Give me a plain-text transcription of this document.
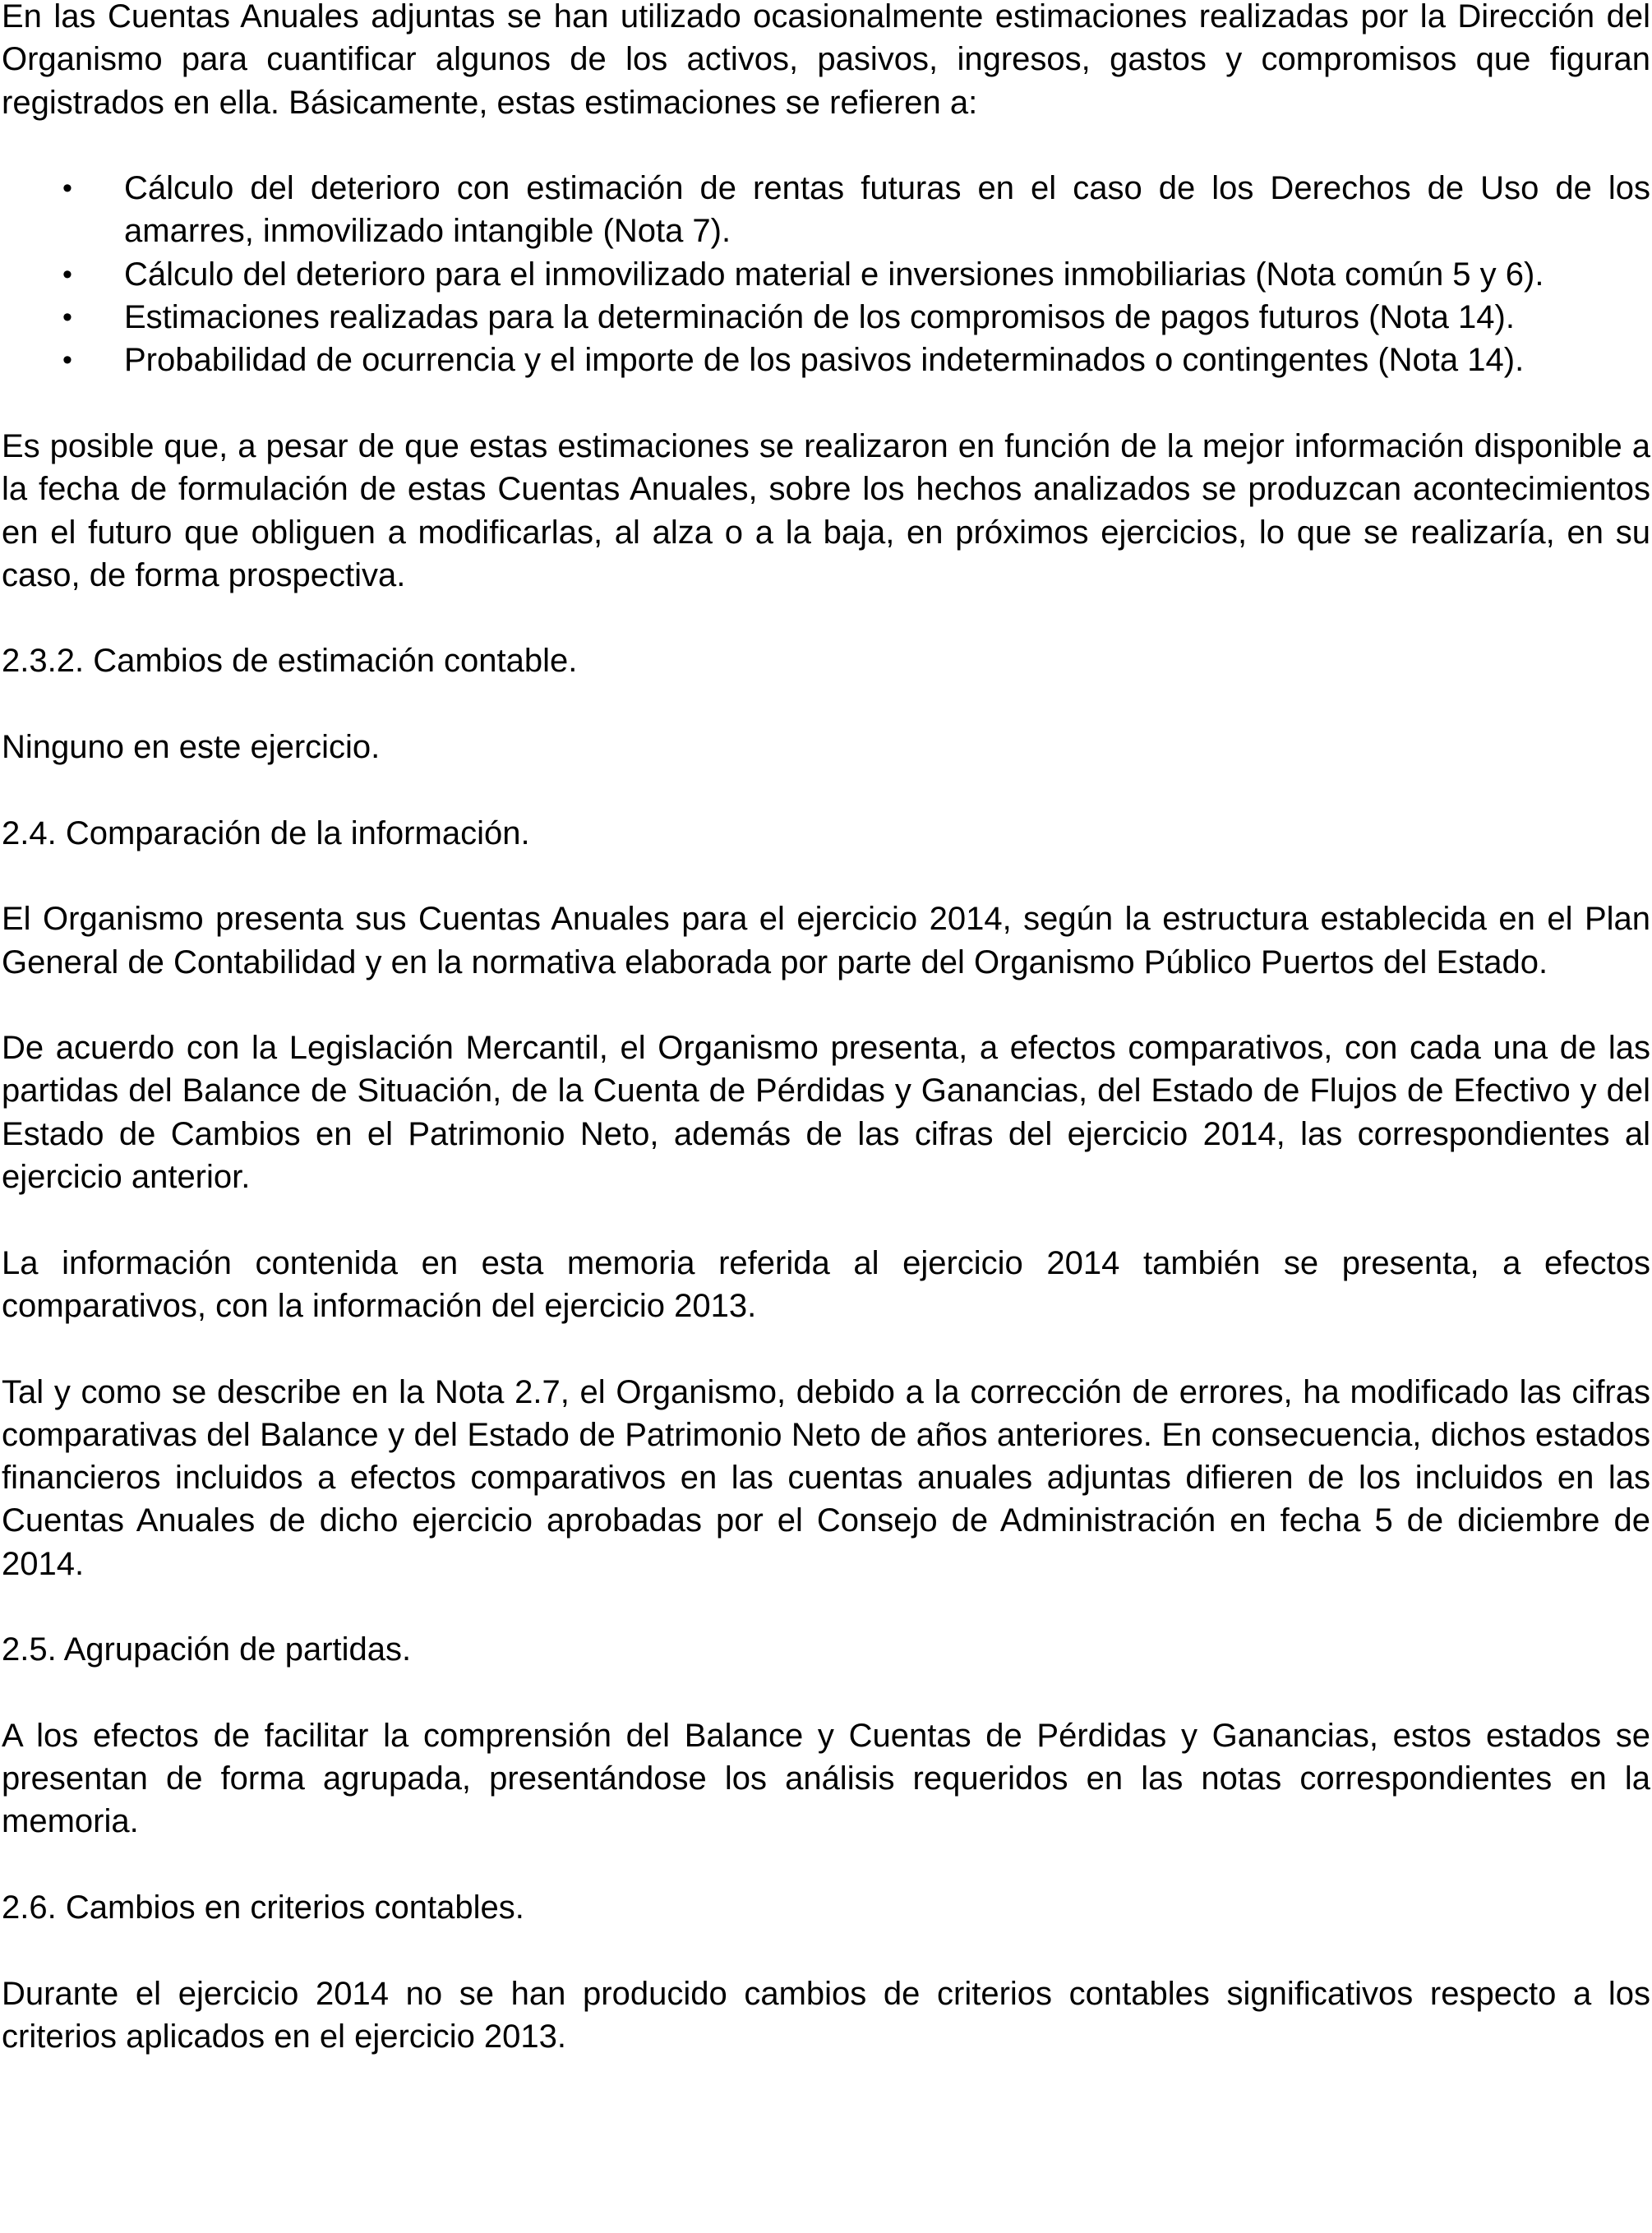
En las Cuentas Anuales adjuntas se han utilizado ocasionalmente estimaciones realizadas por la Dirección del Organismo para cuantificar algunos de los activos, pasivos, ingresos, gastos y compromisos que figuran registrados en ella. Básicamente, estas estimaciones se refieren a:

• Cálculo del deterioro con estimación de rentas futuras en el caso de los Derechos de Uso de los amarres, inmovilizado intangible (Nota 7).
• Cálculo del deterioro para el inmovilizado material e inversiones inmobiliarias (Nota común 5 y 6).
• Estimaciones realizadas para la determinación de los compromisos de pagos futuros (Nota 14).
• Probabilidad de ocurrencia y el importe de los pasivos indeterminados o contingentes (Nota 14).

Es posible que, a pesar de que estas estimaciones se realizaron en función de la mejor información disponible a la fecha de formulación de estas Cuentas Anuales, sobre los hechos analizados se produzcan acontecimientos en el futuro que obliguen a modificarlas, al alza o a la baja, en próximos ejercicios, lo que se realizaría, en su caso, de forma prospectiva.

2.3.2. Cambios de estimación contable.

Ninguno en este ejercicio.

2.4. Comparación de la información.

El Organismo presenta sus Cuentas Anuales para el ejercicio 2014, según la estructura establecida en el Plan General de Contabilidad y en la normativa elaborada por parte del Organismo Público Puertos del Estado.

De acuerdo con la Legislación Mercantil, el Organismo presenta, a efectos comparativos, con cada una de las partidas del Balance de Situación, de la Cuenta de Pérdidas y Ganancias, del Estado de Flujos de Efectivo y del Estado de Cambios en el Patrimonio Neto, además de las cifras del ejercicio 2014, las correspondientes al ejercicio anterior.

La información contenida en esta memoria referida al ejercicio 2014 también se presenta, a efectos comparativos, con la información del ejercicio 2013.

Tal y como se describe en la Nota 2.7, el Organismo, debido a la corrección de errores, ha modificado las cifras comparativas del Balance y del Estado de Patrimonio Neto de años anteriores. En consecuencia, dichos estados financieros incluidos a efectos comparativos en las cuentas anuales adjuntas difieren de los incluidos en las Cuentas Anuales de dicho ejercicio aprobadas por el Consejo de Administración en fecha 5 de diciembre de 2014.

2.5. Agrupación de partidas.

A los efectos de facilitar la comprensión del Balance y Cuentas de Pérdidas y Ganancias, estos estados se presentan de forma agrupada, presentándose los análisis requeridos en las notas correspondientes en la memoria.

2.6. Cambios en criterios contables.

Durante el ejercicio 2014 no se han producido cambios de criterios contables significativos respecto a los criterios aplicados en el ejercicio 2013.
